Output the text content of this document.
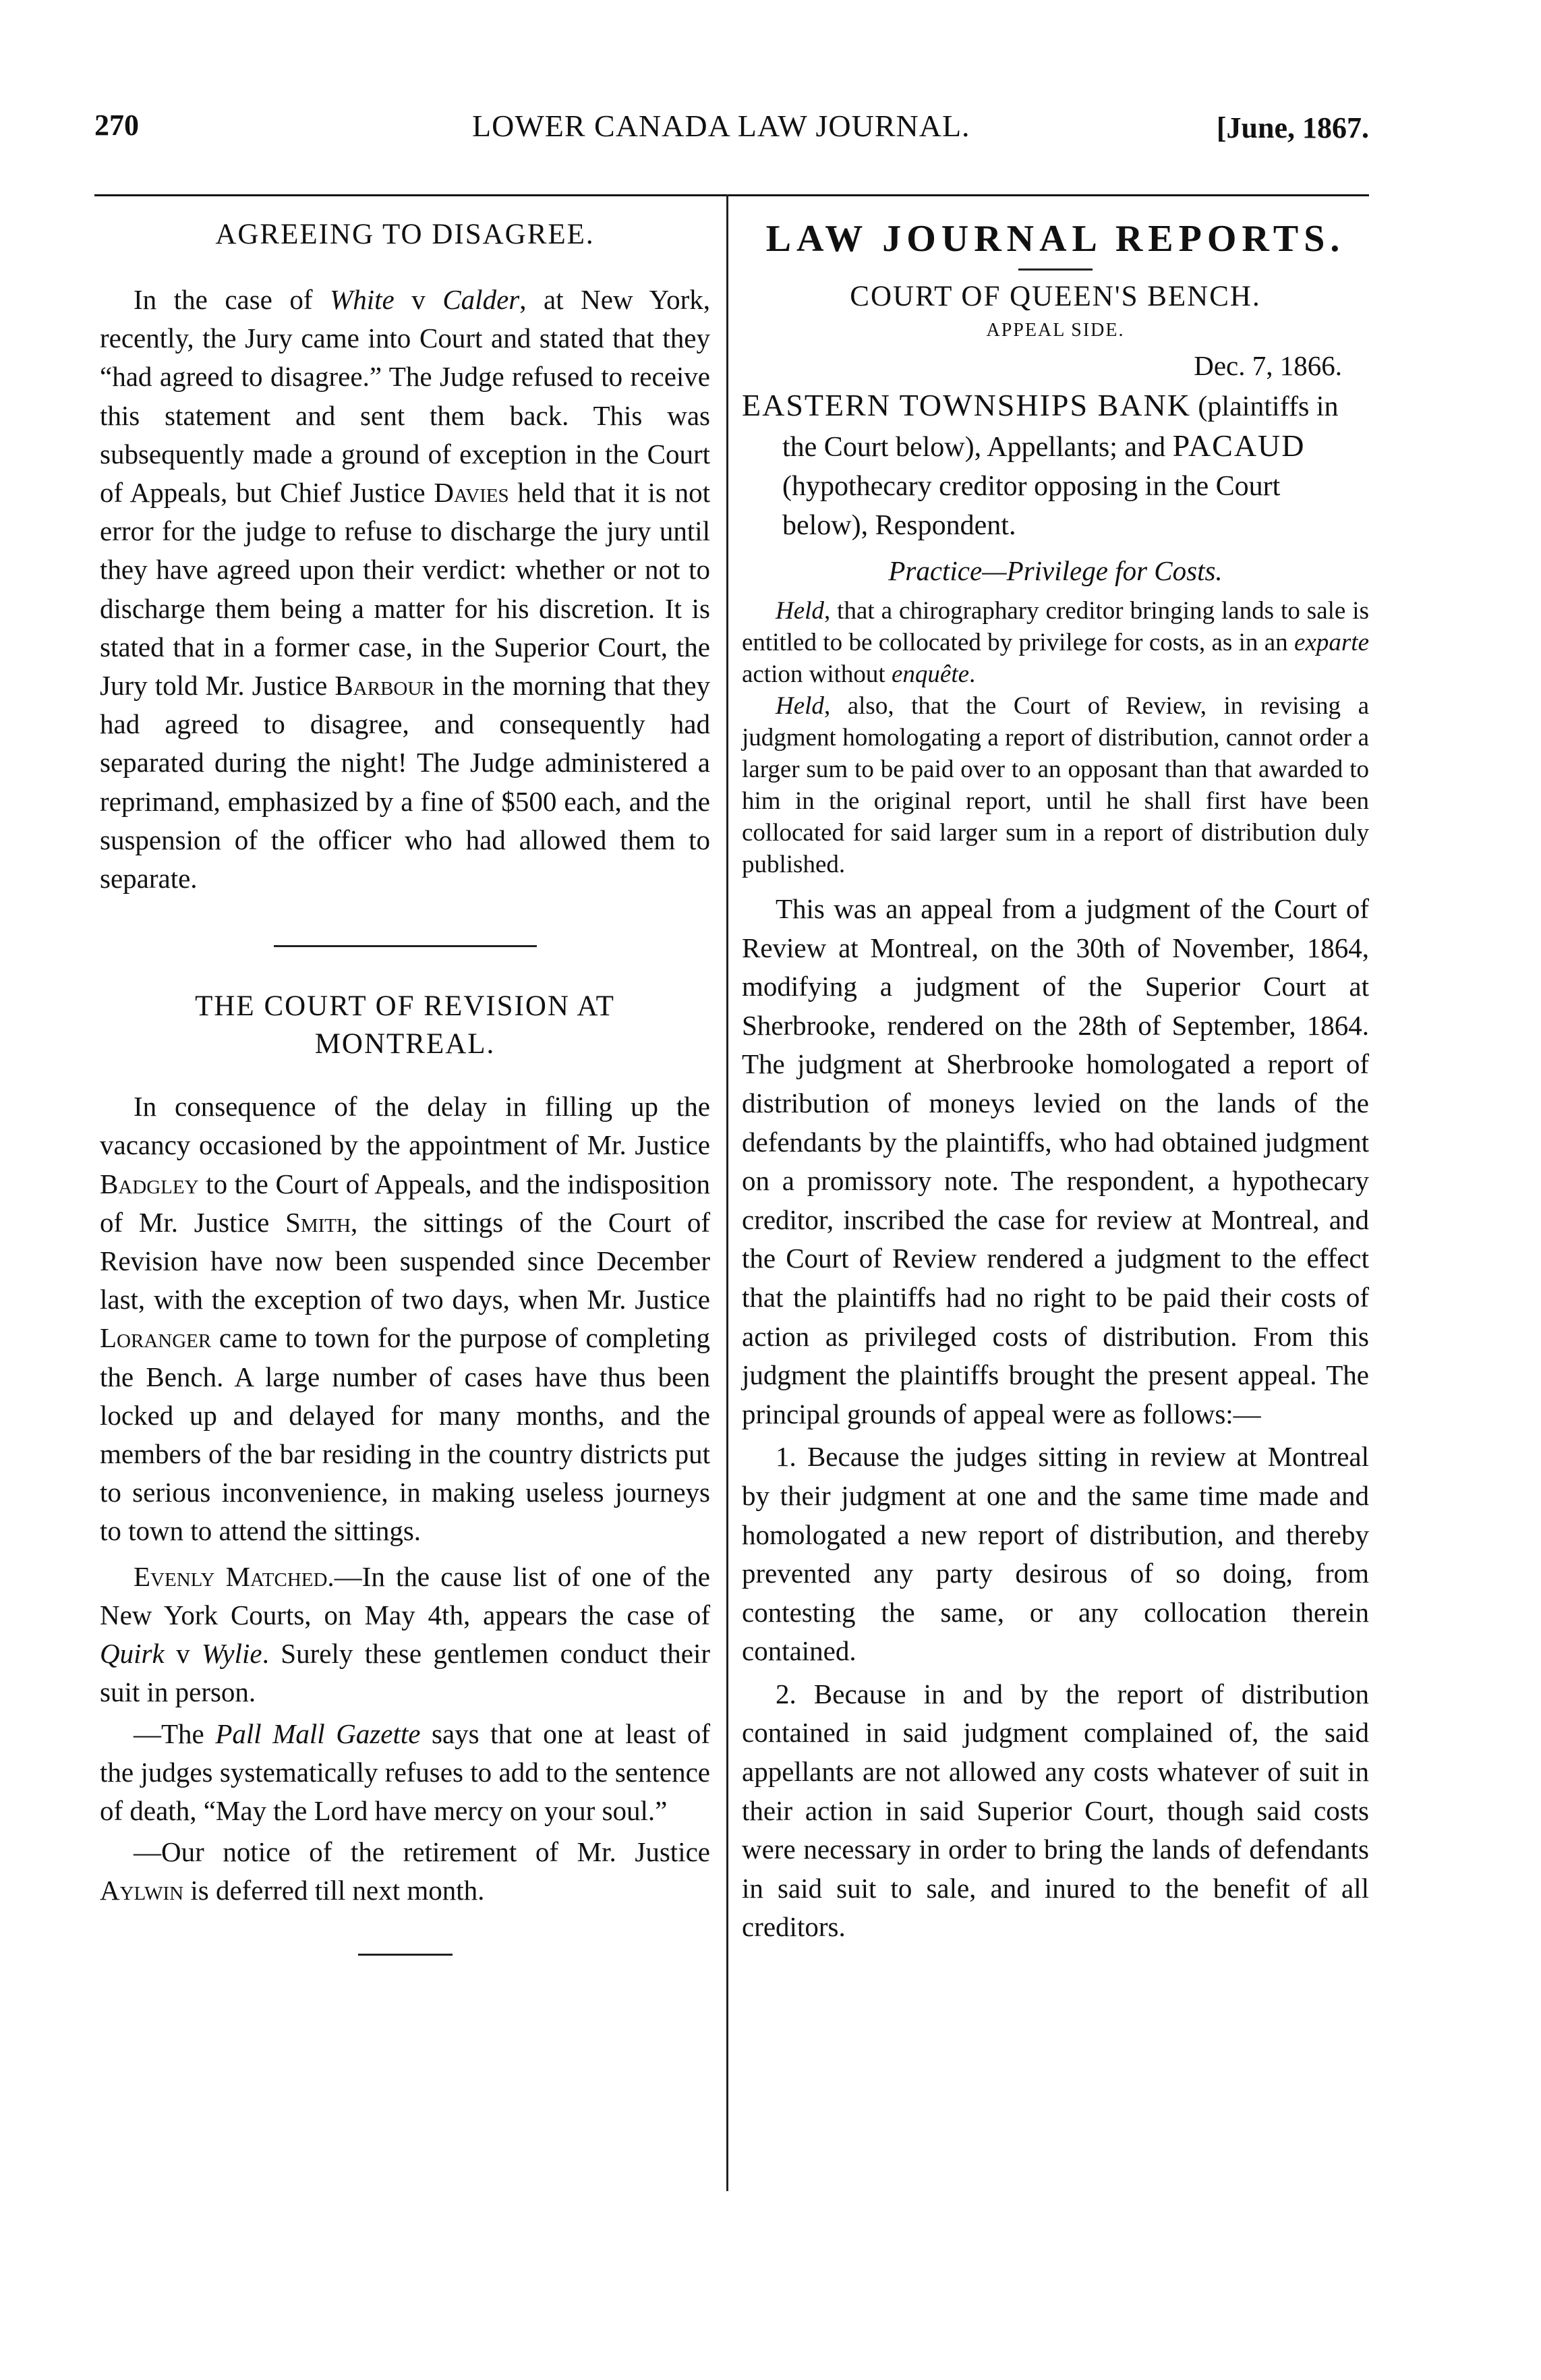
270	LOWER CANADA LAW JOURNAL.	[June, 1867.
AGREEING TO DISAGREE.

In the case of White v Calder, at New York, recently, the Jury came into Court and stated that they “had agreed to disagree.” The Judge refused to receive this statement and sent them back. This was subsequently made a ground of exception in the Court of Appeals, but Chief Justice Davies held that it is not error for the judge to refuse to discharge the jury until they have agreed upon their verdict: whether or not to discharge them being a matter for his discretion. It is stated that in a former case, in the Superior Court, the Jury told Mr. Justice Barbour in the morning that they had agreed to disagree, and consequently had separated during the night! The Judge administered a reprimand, emphasized by a fine of $500 each, and the suspension of the officer who had allowed them to separate.

THE COURT OF REVISION AT
MONTREAL.

In consequence of the delay in filling up the vacancy occasioned by the appointment of Mr. Justice Badgley to the Court of Appeals, and the indisposition of Mr. Justice Smith, the sittings of the Court of Revision have now been suspended since December last, with the exception of two days, when Mr. Justice Loranger came to town for the purpose of completing the Bench. A large number of cases have thus been locked up and delayed for many months, and the members of the bar residing in the country districts put to serious inconvenience, in making useless journeys to town to attend the sittings.

Evenly Matched.—In the cause list of one of the New York Courts, on May 4th, appears the case of Quirk v Wylie. Surely these gentlemen conduct their suit in person.

—The Pall Mall Gazette says that one at least of the judges systematically refuses to add to the sentence of death, “May the Lord have mercy on your soul.”

—Our notice of the retirement of Mr. Justice Aylwin is deferred till next month.

LAW JOURNAL REPORTS.
COURT OF QUEEN'S BENCH.
APPEAL SIDE.
Dec. 7, 1866.

EASTERN TOWNSHIPS BANK (plaintiffs in the Court below), Appellants; and PACAUD (hypothecary creditor opposing in the Court below), Respondent.

Practice—Privilege for Costs.

Held, that a chirographary creditor bringing lands to sale is entitled to be collocated by privilege for costs, as in an exparte action without enquête.

Held, also, that the Court of Review, in revising a judgment homologating a report of distribution, cannot order a larger sum to be paid over to an opposant than that awarded to him in the original report, until he shall first have been collocated for said larger sum in a report of distribution duly published.

This was an appeal from a judgment of the Court of Review at Montreal, on the 30th of November, 1864, modifying a judgment of the Superior Court at Sherbrooke, rendered on the 28th of September, 1864. The judgment at Sherbrooke homologated a report of distribution of moneys levied on the lands of the defendants by the plaintiffs, who had obtained judgment on a promissory note. The respondent, a hypothecary creditor, inscribed the case for review at Montreal, and the Court of Review rendered a judgment to the effect that the plaintiffs had no right to be paid their costs of action as privileged costs of distribution. From this judgment the plaintiffs brought the present appeal. The principal grounds of appeal were as follows:—

1. Because the judges sitting in review at Montreal by their judgment at one and the same time made and homologated a new report of distribution, and thereby prevented any party desirous of so doing, from contesting the same, or any collocation therein contained.

2. Because in and by the report of distribution contained in said judgment complained of, the said appellants are not allowed any costs whatever of suit in their action in said Superior Court, though said costs were necessary in order to bring the lands of defendants in said suit to sale, and inured to the benefit of all creditors.
